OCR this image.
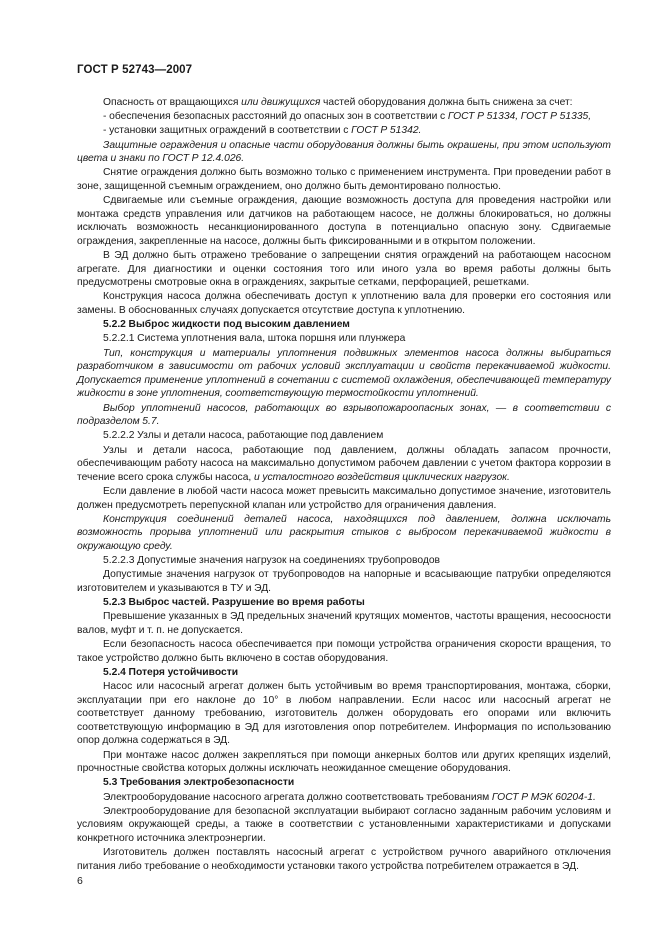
ГОСТ Р 52743—2007

Опасность от вращающихся или движущихся частей оборудования должна быть снижена за счет:

- обеспечения безопасных расстояний до опасных зон в соответствии с ГОСТ Р 51334, ГОСТ Р 51335,

- установки защитных ограждений в соответствии с ГОСТ Р 51342.

Защитные ограждения и опасные части оборудования должны быть окрашены, при этом используют цвета и знаки по ГОСТ Р 12.4.026.

Снятие ограждения должно быть возможно только с применением инструмента. При проведении работ в зоне, защищенной съемным ограждением, оно должно быть демонтировано полностью.

Сдвигаемые или съемные ограждения, дающие возможность доступа для проведения настройки или монтажа средств управления или датчиков на работающем насосе, не должны блокироваться, но должны исключать возможность несанкционированного доступа в потенциально опасную зону. Сдвигаемые ограждения, закрепленные на насосе, должны быть фиксированными и в открытом положении.

В ЭД должно быть отражено требование о запрещении снятия ограждений на работающем насосном агрегате. Для диагностики и оценки состояния того или иного узла во время работы должны быть предусмотрены смотровые окна в ограждениях, закрытые сетками, перфорацией, решетками.

Конструкция насоса должна обеспечивать доступ к уплотнению вала для проверки его состояния или замены. В обоснованных случаях допускается отсутствие доступа к уплотнению.

5.2.2 Выброс жидкости под высоким давлением

5.2.2.1 Система уплотнения вала, штока поршня или плунжера

Тип, конструкция и материалы уплотнения подвижных элементов насоса должны выбираться разработчиком в зависимости от рабочих условий эксплуатации и свойств перекачиваемой жидкости. Допускается применение уплотнений в сочетании с системой охлаждения, обеспечивающей температуру жидкости в зоне уплотнения, соответствующую термостойкости уплотнений.

Выбор уплотнений насосов, работающих во взрывопожароопасных зонах, — в соответствии с подразделом 5.7.

5.2.2.2 Узлы и детали насоса, работающие под давлением

Узлы и детали насоса, работающие под давлением, должны обладать запасом прочности, обеспечивающим работу насоса на максимально допустимом рабочем давлении с учетом фактора коррозии в течение всего срока службы насоса, и усталостного воздействия циклических нагрузок.

Если давление в любой части насоса может превысить максимально допустимое значение, изготовитель должен предусмотреть перепускной клапан или устройство для ограничения давления.

Конструкция соединений деталей насоса, находящихся под давлением, должна исключать возможность прорыва уплотнений или раскрытия стыков с выбросом перекачиваемой жидкости в окружающую среду.

5.2.2.3 Допустимые значения нагрузок на соединениях трубопроводов

Допустимые значения нагрузок от трубопроводов на напорные и всасывающие патрубки определяются изготовителем и указываются в ТУ и ЭД.

5.2.3 Выброс частей. Разрушение во время работы

Превышение указанных в ЭД предельных значений крутящих моментов, частоты вращения, несоосности валов, муфт и т. п. не допускается.

Если безопасность насоса обеспечивается при помощи устройства ограничения скорости вращения, то такое устройство должно быть включено в состав оборудования.

5.2.4 Потеря устойчивости

Насос или насосный агрегат должен быть устойчивым во время транспортирования, монтажа, сборки, эксплуатации при его наклоне до 10° в любом направлении. Если насос или насосный агрегат не соответствует данному требованию, изготовитель должен оборудовать его опорами или включить соответствующую информацию в ЭД для изготовления опор потребителем. Информация по использованию опор должна содержаться в ЭД.

При монтаже насос должен закрепляться при помощи анкерных болтов или других крепящих изделий, прочностные свойства которых должны исключать неожиданное смещение оборудования.

5.3 Требования электробезопасности

Электрооборудование насосного агрегата должно соответствовать требованиям ГОСТ Р МЭК 60204-1.

Электрооборудование для безопасной эксплуатации выбирают согласно заданным рабочим условиям и условиям окружающей среды, а также в соответствии с установленными характеристиками и допусками конкретного источника электроэнергии.

Изготовитель должен поставлять насосный агрегат с устройством ручного аварийного отключения питания либо требование о необходимости установки такого устройства потребителем отражается в ЭД.

6
